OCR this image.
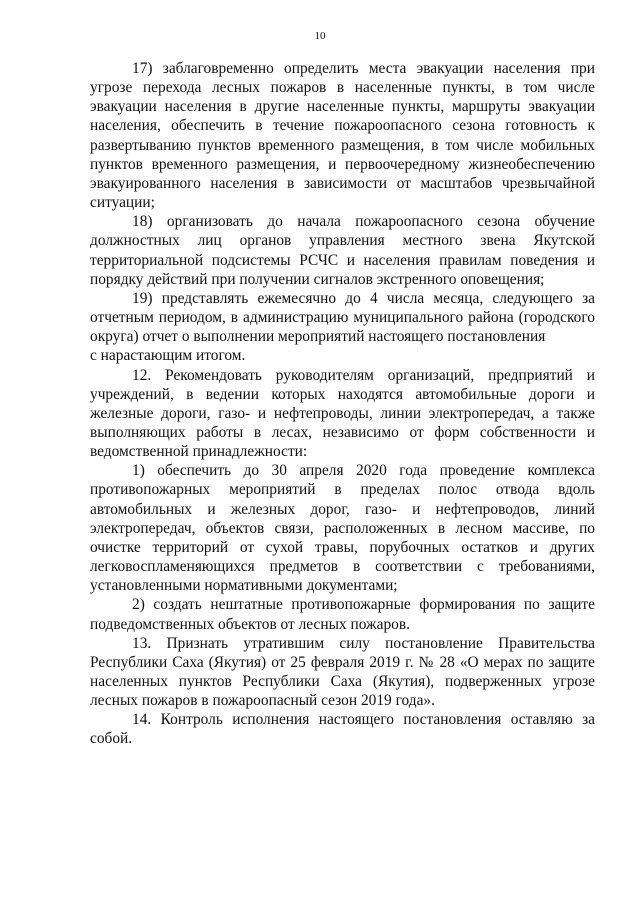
10

17) заблаговременно определить места эвакуации населения при угрозе перехода лесных пожаров в населенные пункты, в том числе эвакуации населения в другие населенные пункты, маршруты эвакуации населения, обеспечить в течение пожароопасного сезона готовность к развертыванию пунктов временного размещения, в том числе мобильных пунктов временного размещения, и первоочередному жизнеобеспечению эвакуированного населения в зависимости от масштабов чрезвычайной ситуации;

18) организовать до начала пожароопасного сезона обучение должностных лиц органов управления местного звена Якутской территориальной подсистемы РСЧС и населения правилам поведения и порядку действий при получении сигналов экстренного оповещения;

19) представлять ежемесячно до 4 числа месяца, следующего за отчетным периодом, в администрацию муниципального района (городского округа) отчет о выполнении мероприятий настоящего постановления

с нарастающим итогом.

12. Рекомендовать руководителям организаций, предприятий и учреждений, в ведении которых находятся автомобильные дороги и железные дороги, газо- и нефтепроводы, линии электропередач, а также выполняющих работы в лесах, независимо от форм собственности и ведомственной принадлежности:

1) обеспечить до 30 апреля 2020 года проведение комплекса противопожарных мероприятий в пределах полос отвода вдоль автомобильных и железных дорог, газо- и нефтепроводов, линий электропередач, объектов связи, расположенных в лесном массиве, по очистке территорий от сухой травы, порубочных остатков и других легковоспламеняющихся предметов в соответствии с требованиями, установленными нормативными документами;

2) создать нештатные противопожарные формирования по защите подведомственных объектов от лесных пожаров.

13. Признать утратившим силу постановление Правительства Республики Саха (Якутия) от 25 февраля 2019 г. № 28 «О мерах по защите населенных пунктов Республики Саха (Якутия), подверженных угрозе лесных пожаров в пожароопасный сезон 2019 года».

14. Контроль исполнения настоящего постановления оставляю за собой.
